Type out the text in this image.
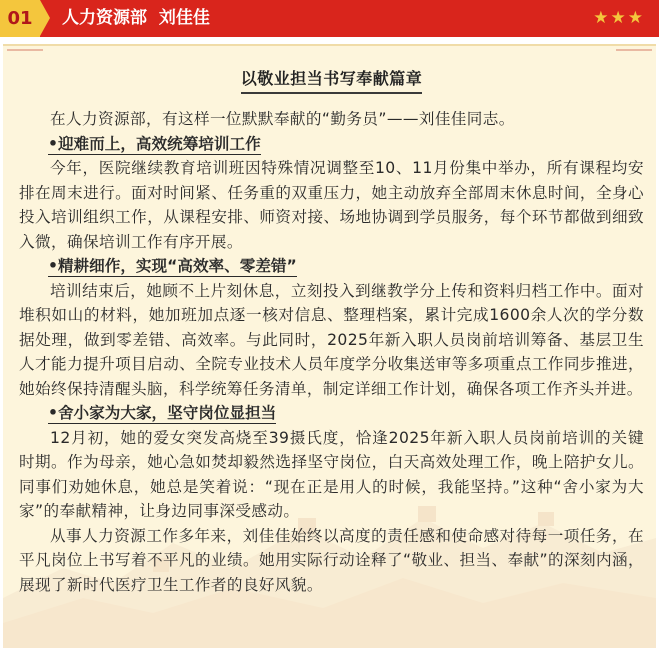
01	人力资源部 刘佳佳	★★★
以敬业担当书写奉献篇章

在人力资源部，有这样一位默默奉献的“勤务员”——刘佳佳同志。

•迎难而上，高效统筹培训工作

今年，医院继续教育培训班因特殊情况调整至10、11月份集中举办，所有课程均安排在周末进行。面对时间紧、任务重的双重压力，她主动放弃全部周末休息时间，全身心投入培训组织工作，从课程安排、师资对接、场地协调到学员服务，每个环节都做到细致入微，确保培训工作有序开展。

•精耕细作，实现“高效率、零差错”

培训结束后，她顾不上片刻休息，立刻投入到继教学分上传和资料归档工作中。面对堆积如山的材料，她加班加点逐一核对信息、整理档案，累计完成1600余人次的学分数据处理，做到零差错、高效率。与此同时，2025年新入职人员岗前培训筹备、基层卫生人才能力提升项目启动、全院专业技术人员年度学分收集送审等多项重点工作同步推进，她始终保持清醒头脑，科学统筹任务清单，制定详细工作计划，确保各项工作齐头并进。

•舍小家为大家，坚守岗位显担当

12月初，她的爱女突发高烧至39摄氏度，恰逢2025年新入职人员岗前培训的关键时期。作为母亲，她心急如焚却毅然选择坚守岗位，白天高效处理工作，晚上陪护女儿。同事们劝她休息，她总是笑着说：“现在正是用人的时候，我能坚持。”这种“舍小家为大家”的奉献精神，让身边同事深受感动。

从事人力资源工作多年来，刘佳佳始终以高度的责任感和使命感对待每一项任务，在平凡岗位上书写着不平凡的业绩。她用实际行动诠释了“敬业、担当、奉献”的深刻内涵，展现了新时代医疗卫生工作者的良好风貌。
